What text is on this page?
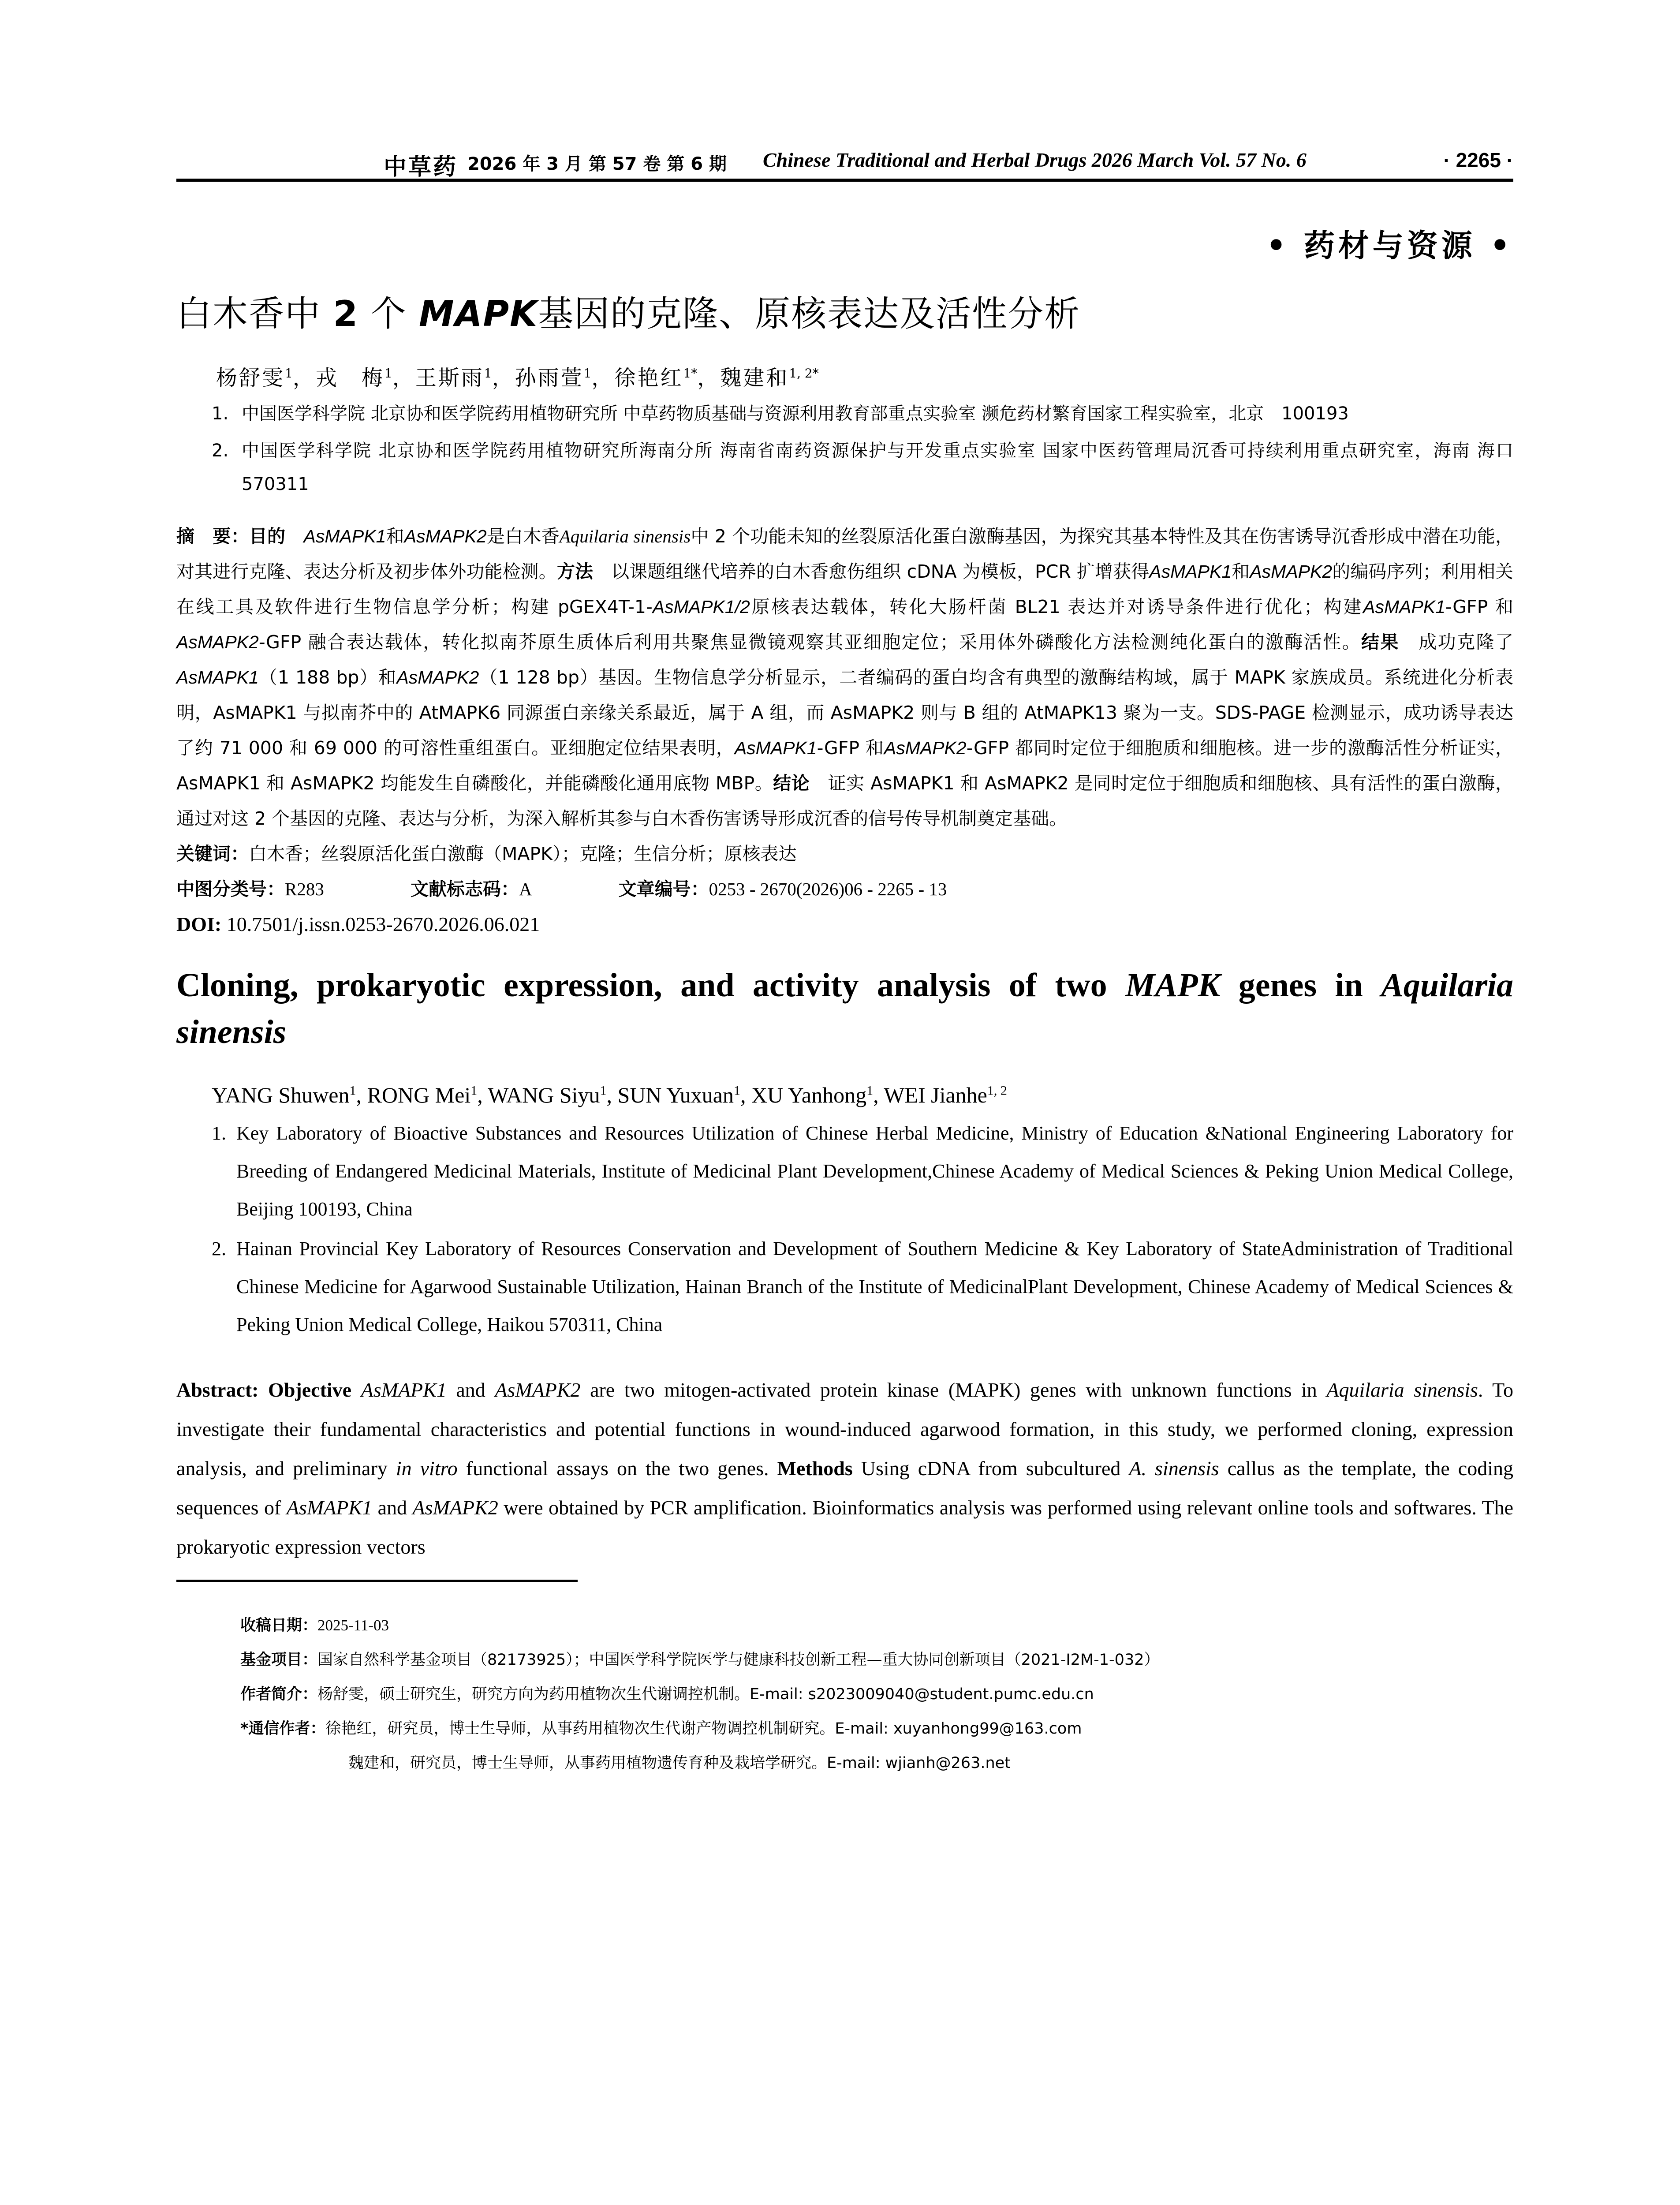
中草药 2026 年 3 月 第 57 卷 第 6 期 Chinese Traditional and Herbal Drugs 2026 March Vol. 57 No. 6	· 2265 ·
• 药材与资源 •
白木香中 2 个 MAPK基因的克隆、原核表达及活性分析
杨舒雯$^1$，戎　梅$^1$，王斯雨$^1$，孙雨萱$^1$，徐艳红$^{1*}$，魏建和$^{1, 2*}$
1. 中国医学科学院 北京协和医学院药用植物研究所 中草药物质基础与资源利用教育部重点实验室 濒危药材繁育国家工程实验室，北京　100193
2. 中国医学科学院 北京协和医学院药用植物研究所海南分所 海南省南药资源保护与开发重点实验室 国家中医药管理局沉香可持续利用重点研究室，海南 海口　570311
摘　要：目的　 AsMAPK1和AsMAPK2是白木香Aquilaria sinensis中 2 个功能未知的丝裂原活化蛋白激酶基因，为探究其基本特性及其在伤害诱导沉香形成中潜在功能，对其进行克隆、表达分析及初步体外功能检测。方法　以课题组继代培养的白木香愈伤组织 cDNA 为模板，PCR 扩增获得AsMAPK1和AsMAPK2的编码序列；利用相关在线工具及软件进行生物信息学分析；构建 pGEX4T-1-AsMAPK1/2原核表达载体，转化大肠杆菌 BL21 表达并对诱导条件进行优化；构建AsMAPK1-GFP 和AsMAPK2-GFP 融合表达载体，转化拟南芥原生质体后利用共聚焦显微镜观察其亚细胞定位；采用体外磷酸化方法检测纯化蛋白的激酶活性。结果　成功克隆了AsMAPK1（1 188 bp）和AsMAPK2（1 128 bp）基因。生物信息学分析显示，二者编码的蛋白均含有典型的激酶结构域，属于 MAPK 家族成员。系统进化分析表明，AsMAPK1 与拟南芥中的 AtMAPK6 同源蛋白亲缘关系最近，属于 A 组，而 AsMAPK2 则与 B 组的 AtMAPK13 聚为一支。SDS-PAGE 检测显示，成功诱导表达了约 71 000 和 69 000 的可溶性重组蛋白。亚细胞定位结果表明，AsMAPK1-GFP 和AsMAPK2-GFP 都同时定位于细胞质和细胞核。进一步的激酶活性分析证实，AsMAPK1 和 AsMAPK2 均能发生自磷酸化，并能磷酸化通用底物 MBP。结论　证实 AsMAPK1 和 AsMAPK2 是同时定位于细胞质和细胞核、具有活性的蛋白激酶，通过对这 2 个基因的克隆、表达与分析，为深入解析其参与白木香伤害诱导形成沉香的信号传导机制奠定基础。
关键词：白木香；丝裂原活化蛋白激酶（MAPK）；克隆；生信分析；原核表达
中图分类号：R283	文献标志码：A	文章编号：0253 - 2670(2026)06 - 2265 - 13
DOI: 10.7501/j.issn.0253-2670.2026.06.021
Cloning, prokaryotic expression, and activity analysis of two MAPK genes in Aquilaria sinensis
YANG Shuwen$^1$, RONG Mei$^1$, WANG Siyu$^1$, SUN Yuxuan$^1$, XU Yanhong$^1$, WEI Jianhe$^{1, 2}$
1. Key Laboratory of Bioactive Substances and Resources Utilization of Chinese Herbal Medicine, Ministry of Education &National Engineering Laboratory for Breeding of Endangered Medicinal Materials, Institute of Medicinal Plant Development,Chinese Academy of Medical Sciences & Peking Union Medical College, Beijing 100193, China
2. Hainan Provincial Key Laboratory of Resources Conservation and Development of Southern Medicine & Key Laboratory of StateAdministration of Traditional Chinese Medicine for Agarwood Sustainable Utilization, Hainan Branch of the Institute of MedicinalPlant Development, Chinese Academy of Medical Sciences & Peking Union Medical College, Haikou 570311, China
Abstract: Objective AsMAPK1 and AsMAPK2 are two mitogen-activated protein kinase (MAPK) genes with unknown functions in Aquilaria sinensis. To investigate their fundamental characteristics and potential functions in wound-induced agarwood formation, in this study, we performed cloning, expression analysis, and preliminary in vitro functional assays on the two genes. Methods Using cDNA from subcultured A. sinensis callus as the template, the coding sequences of AsMAPK1 and AsMAPK2 were obtained by PCR amplification. Bioinformatics analysis was performed using relevant online tools and softwares. The prokaryotic expression vectors
收稿日期：2025-11-03
基金项目：国家自然科学基金项目（82173925）；中国医学科学院医学与健康科技创新工程—重大协同创新项目（2021-I2M-1-032）
作者简介：杨舒雯，硕士研究生，研究方向为药用植物次生代谢调控机制。E-mail: s2023009040@student.pumc.edu.cn
*通信作者：徐艳红，研究员，博士生导师，从事药用植物次生代谢产物调控机制研究。E-mail: xuyanhong99@163.com
魏建和，研究员，博士生导师，从事药用植物遗传育种及栽培学研究。E-mail: wjianh@263.net
